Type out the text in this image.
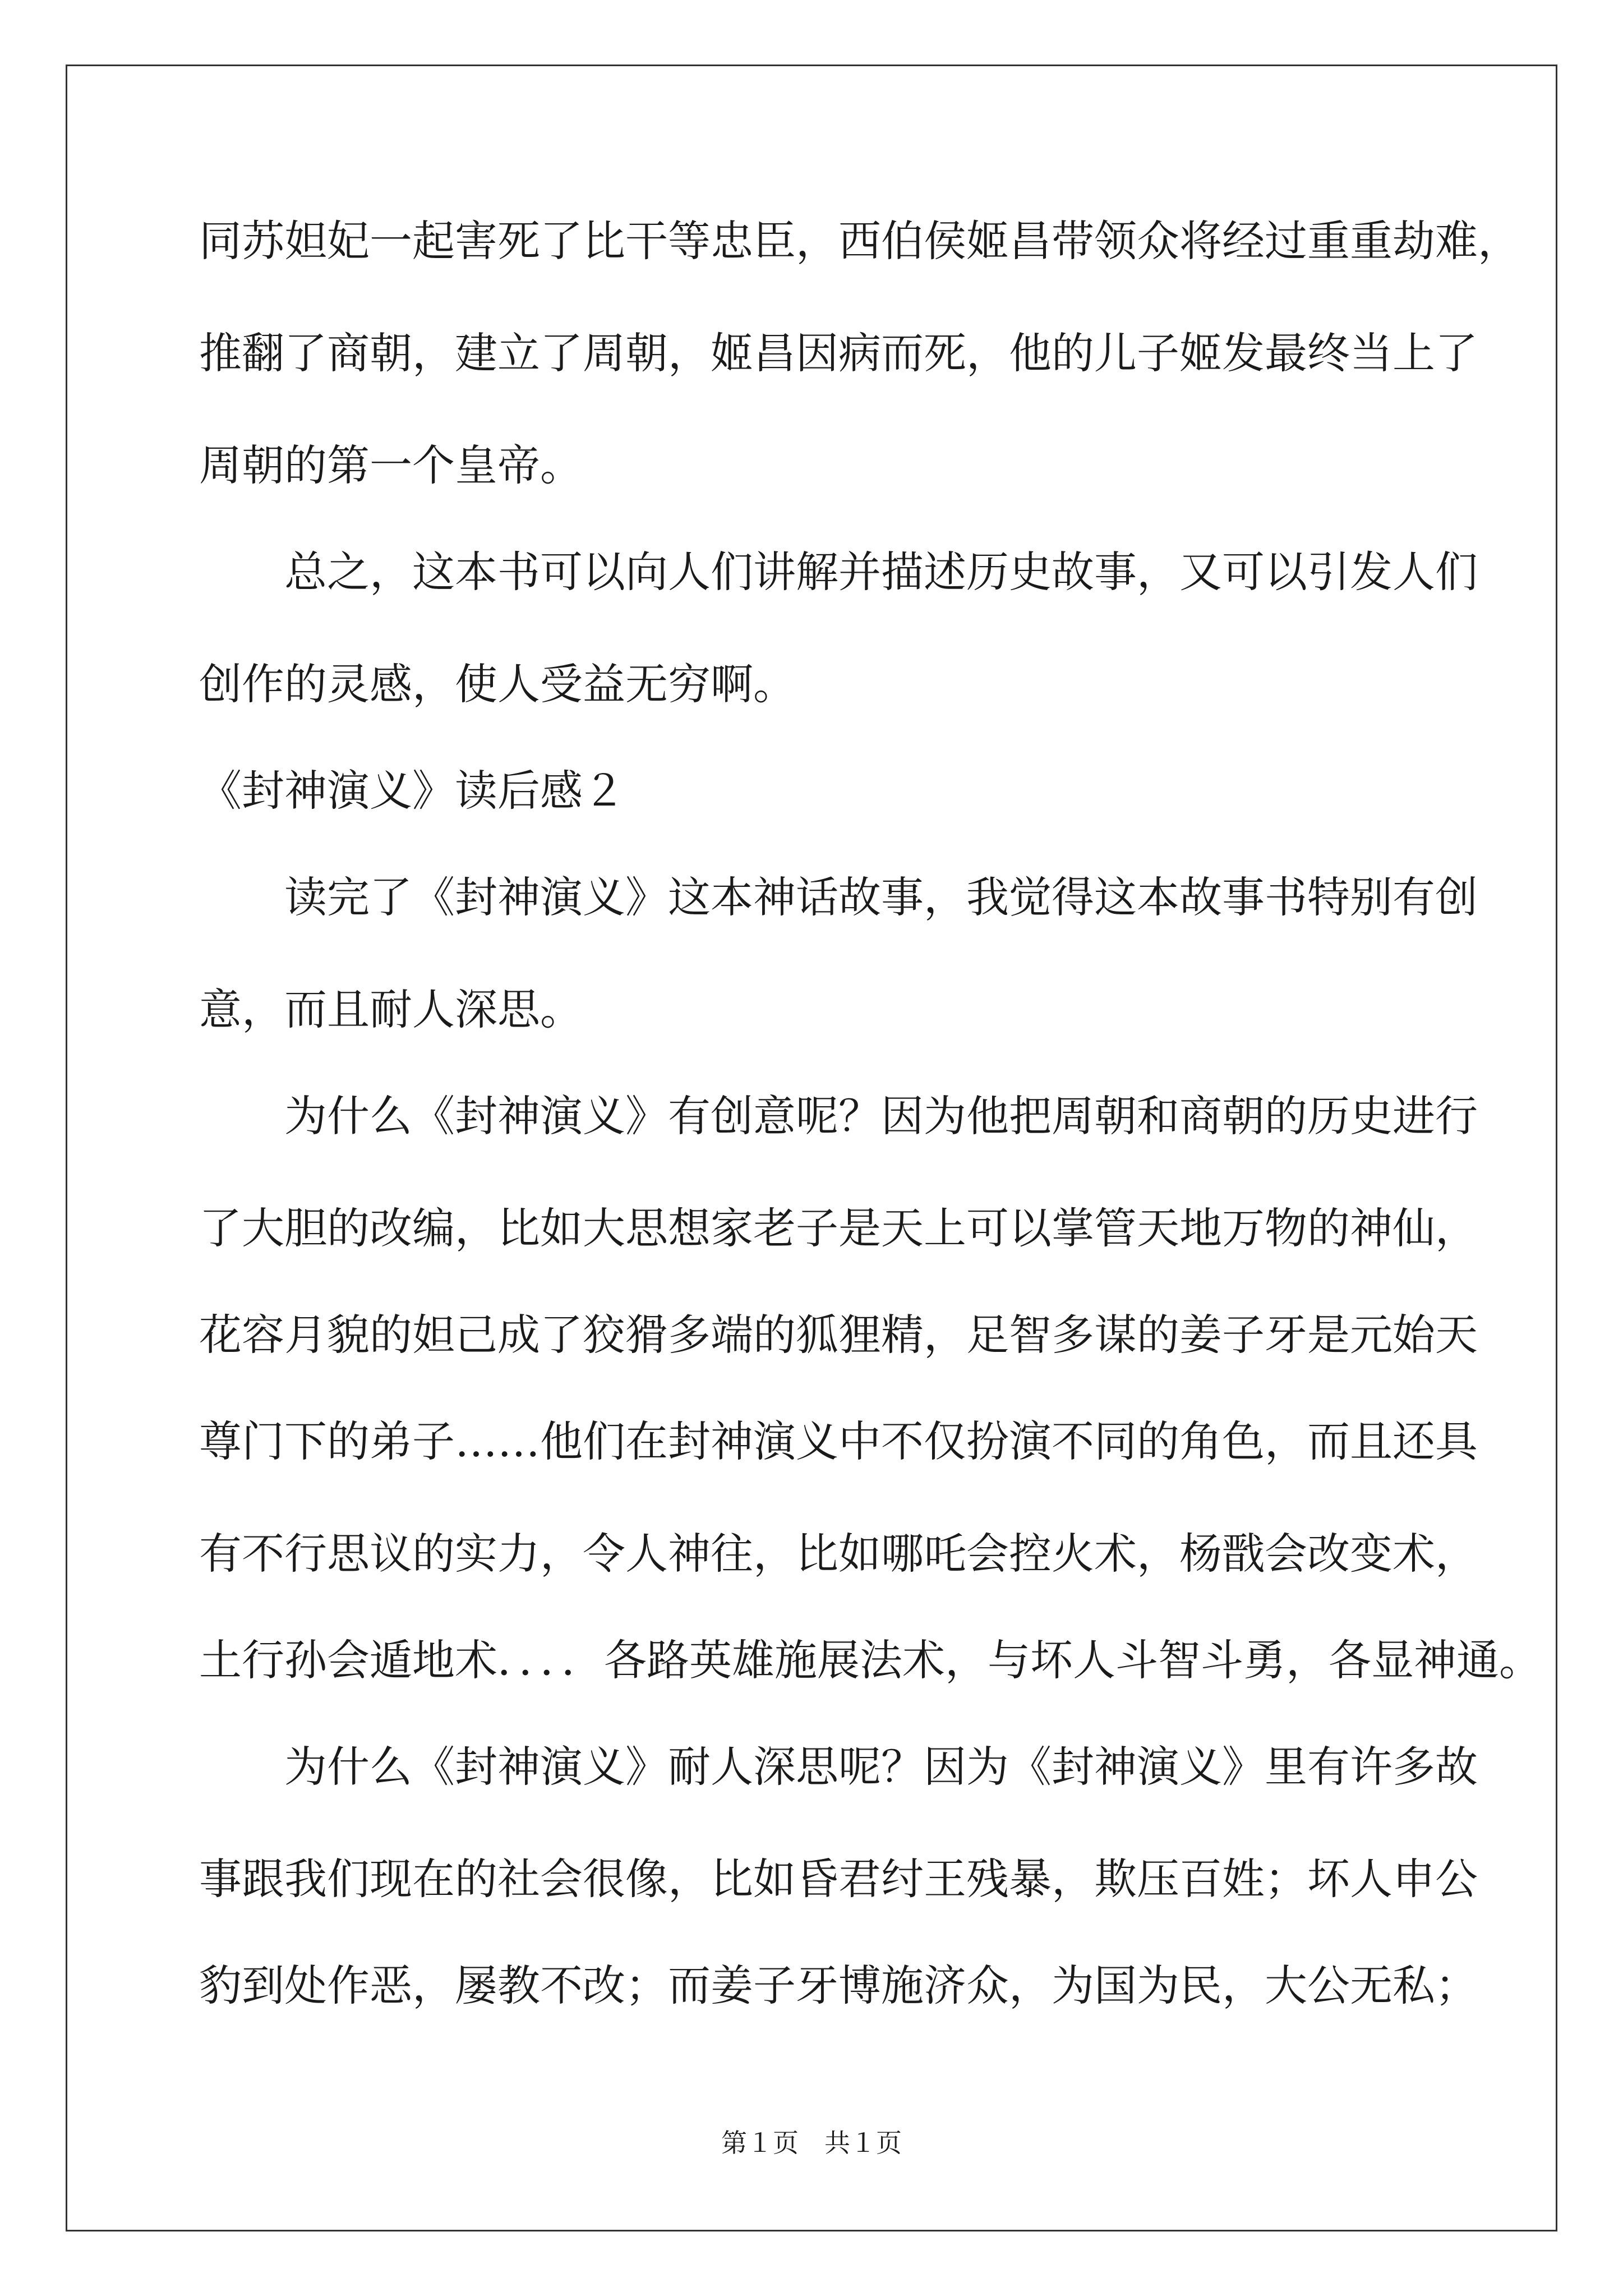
同苏妲妃一起害死了比干等忠臣，西伯侯姬昌带领众将经过重重劫难，
推翻了商朝，建立了周朝，姬昌因病而死，他的儿子姬发最终当上了
周朝的第一个皇帝。
　　总之，这本书可以向人们讲解并描述历史故事，又可以引发人们
创作的灵感，使人受益无穷啊。
《封神演义》读后感２
　　读完了《封神演义》这本神话故事，我觉得这本故事书特别有创
意，而且耐人深思。
　　为什么《封神演义》有创意呢？因为他把周朝和商朝的历史进行
了大胆的改编，比如大思想家老子是天上可以掌管天地万物的神仙，
花容月貌的妲己成了狡猾多端的狐狸精，足智多谋的姜子牙是元始天
尊门下的弟子……他们在封神演义中不仅扮演不同的角色，而且还具
有不行思议的实力，令人神往，比如哪吒会控火术，杨戬会改变术，
土行孙会遁地术．．．．各路英雄施展法术，与坏人斗智斗勇，各显神通。
　　为什么《封神演义》耐人深思呢？因为《封神演义》里有许多故
事跟我们现在的社会很像，比如昏君纣王残暴，欺压百姓；坏人申公
豹到处作恶，屡教不改；而姜子牙博施济众，为国为民，大公无私；
第１页　共１页
